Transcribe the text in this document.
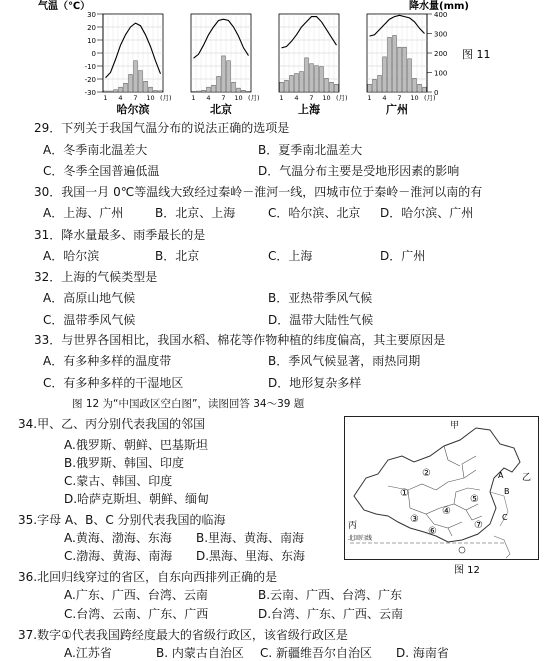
气温（℃）	降水量(mm)
图 11
30
20
10
0
-10
-20
-30
400
300
200
100
0
1 4 7 10 (月)
哈尔滨
1 4 7 10 (月)
北京
1 4 7 10 (月)
上海
1 4 7 10 (月)
广州
29．下列关于我国气温分布的说法正确的选项是
A．冬季南北温差大	B．夏季南北温差大
C．冬季全国普遍低温	D．气温分布主要是受地形因素的影响
30．我国一月 0℃等温线大致经过秦岭－淮河一线，四城市位于秦岭－淮河以南的有
A．上海、广州	B．北京、上海	C．哈尔滨、北京 D．哈尔滨、广州
31．降水量最多、雨季最长的是
A．哈尔滨	B．北京	C．上海	D．广州
32．上海的气候类型是
A．高原山地气候	B．亚热带季风气候
C．温带季风气候	D．温带大陆性气候
33．与世界各国相比，我国水稻、棉花等作物种植的纬度偏高，其主要原因是
A．有多种多样的温度带	B．季风气候显著，雨热同期
C．有多种多样的干湿地区	D．地形复杂多样
图 12 为“中国政区空白图”，读图回答 34～39 题
34.甲、乙、丙分别代表我国的邻国
A.俄罗斯、朝鲜、巴基斯坦
B.俄罗斯、韩国、印度
C.蒙古、韩国、印度
D.哈萨克斯坦、朝鲜、缅甸
35.字母 A、B、C 分别代表我国的临海
A.黄海、渤海、东海 B.里海、黄海、南海
C.渤海、黄海、南海 D.黑海、里海、东海
36.北回归线穿过的省区，自东向西排列正确的是
A.广东、广西、台湾、云南	B.云南、广西、台湾、广东
C.台湾、云南、广东、广西	D.台湾、广东、广西、云南
37.数字①代表我国跨经度最大的省级行政区，该省级行政区是
A.江苏省	B. 内蒙古自治区 C. 新疆维吾尔自治区 D. 海南省
甲
乙
丙
A
B
C
①
②
③
④
⑤
⑥
⑦
北回归线
图 12
